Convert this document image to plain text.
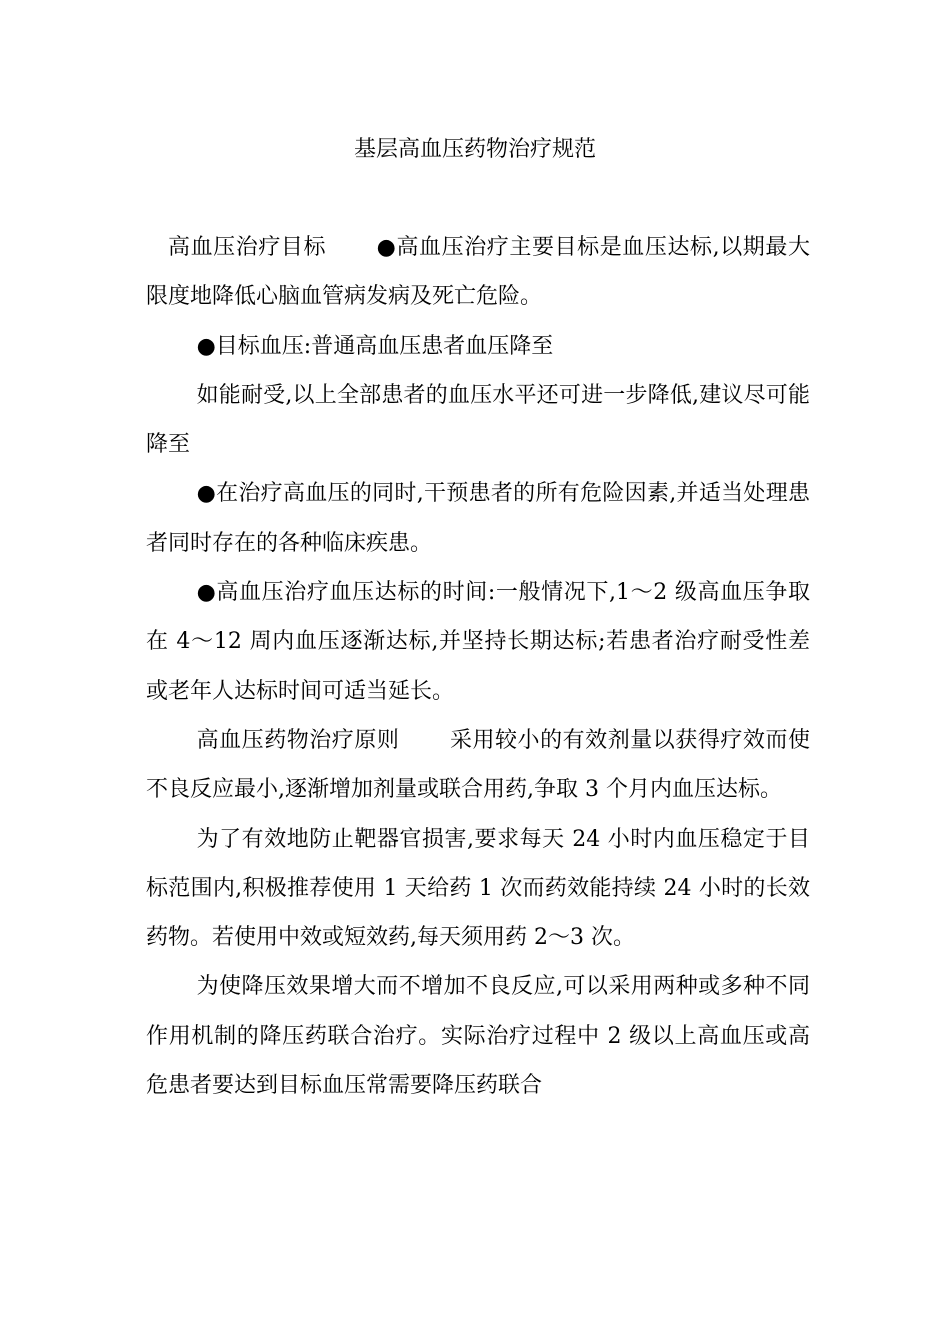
基层高血压药物治疗规范

高血压治疗目标 ●高血压治疗主要目标是血压达标,以期最大限度地降低心脑血管病发病及死亡危险。

●目标血压:普通高血压患者血压降至

如能耐受,以上全部患者的血压水平还可进一步降低,建议尽可能降至

●在治疗高血压的同时,干预患者的所有危险因素,并适当处理患者同时存在的各种临床疾患。

●高血压治疗血压达标的时间:一般情况下,1～2 级高血压争取在 4～12 周内血压逐渐达标,并坚持长期达标;若患者治疗耐受性差或老年人达标时间可适当延长。

高血压药物治疗原则 采用较小的有效剂量以获得疗效而使不良反应最小,逐渐增加剂量或联合用药,争取 3 个月内血压达标。

为了有效地防止靶器官损害,要求每天 24 小时内血压稳定于目标范围内,积极推荐使用 1 天给药 1 次而药效能持续 24 小时的长效药物。若使用中效或短效药,每天须用药 2～3 次。

为使降压效果增大而不增加不良反应,可以采用两种或多种不同作用机制的降压药联合治疗。实际治疗过程中 2 级以上高血压或高危患者要达到目标血压常需要降压药联合
